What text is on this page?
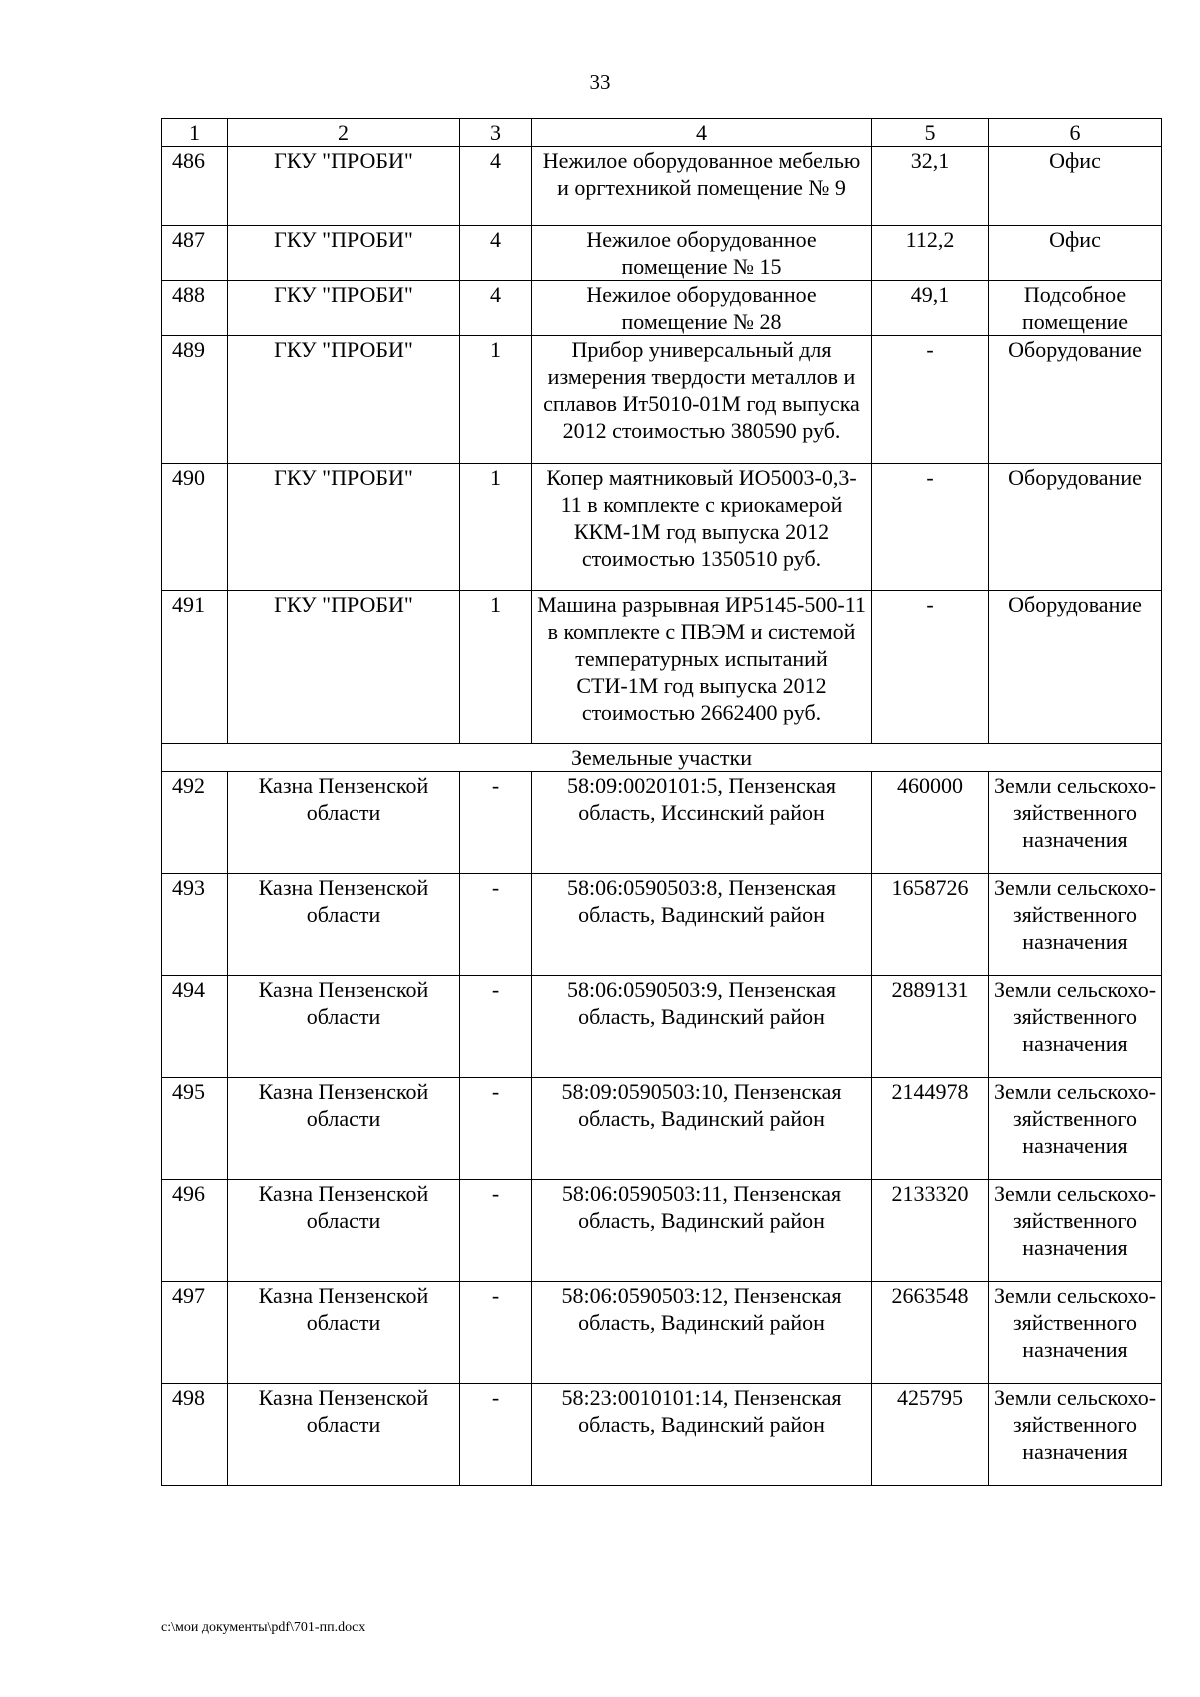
33
1	2	3	4	5	6
486	ГКУ "ПРОБИ"	4	Нежилое оборудованное мебелью и оргтехникой помещение № 9	32,1	Офис
487	ГКУ "ПРОБИ"	4	Нежилое оборудованное помещение № 15	112,2	Офис
488	ГКУ "ПРОБИ"	4	Нежилое оборудованное помещение № 28	49,1	Подсобное помещение
489	ГКУ "ПРОБИ"	1	Прибор универсальный для измерения твердости металлов и сплавов Ит5010-01М год выпуска 2012 стоимостью 380590 руб.	-	Оборудование
490	ГКУ "ПРОБИ"	1	Копер маятниковый ИО5003-0,3-11 в комплекте с криокамерой ККМ-1М год выпуска 2012 стоимостью 1350510 руб.	-	Оборудование
491	ГКУ "ПРОБИ"	1	Машина разрывная ИР5145-500-11 в комплекте с ПВЭМ и системой температурных испытаний СТИ-1М год выпуска 2012 стоимостью 2662400 руб.	-	Оборудование
Земельные участки					
492	Казна Пензенской области	-	58:09:0020101:5, Пензенская область, Иссинский район	460000	Земли сельскохо-зяйственного назначения
493	Казна Пензенской области	-	58:06:0590503:8, Пензенская область, Вадинский район	1658726	Земли сельскохо-зяйственного назначения
494	Казна Пензенской области	-	58:06:0590503:9, Пензенская область, Вадинский район	2889131	Земли сельскохо-зяйственного назначения
495	Казна Пензенской области	-	58:09:0590503:10, Пензенская область, Вадинский район	2144978	Земли сельскохо-зяйственного назначения
496	Казна Пензенской области	-	58:06:0590503:11, Пензенская область, Вадинский район	2133320	Земли сельскохо-зяйственного назначения
497	Казна Пензенской области	-	58:06:0590503:12, Пензенская область, Вадинский район	2663548	Земли сельскохо-зяйственного назначения
498	Казна Пензенской области	-	58:23:0010101:14, Пензенская область, Вадинский район	425795	Земли сельскохо-зяйственного назначения
c:\мои документы\pdf\701-пп.docx
